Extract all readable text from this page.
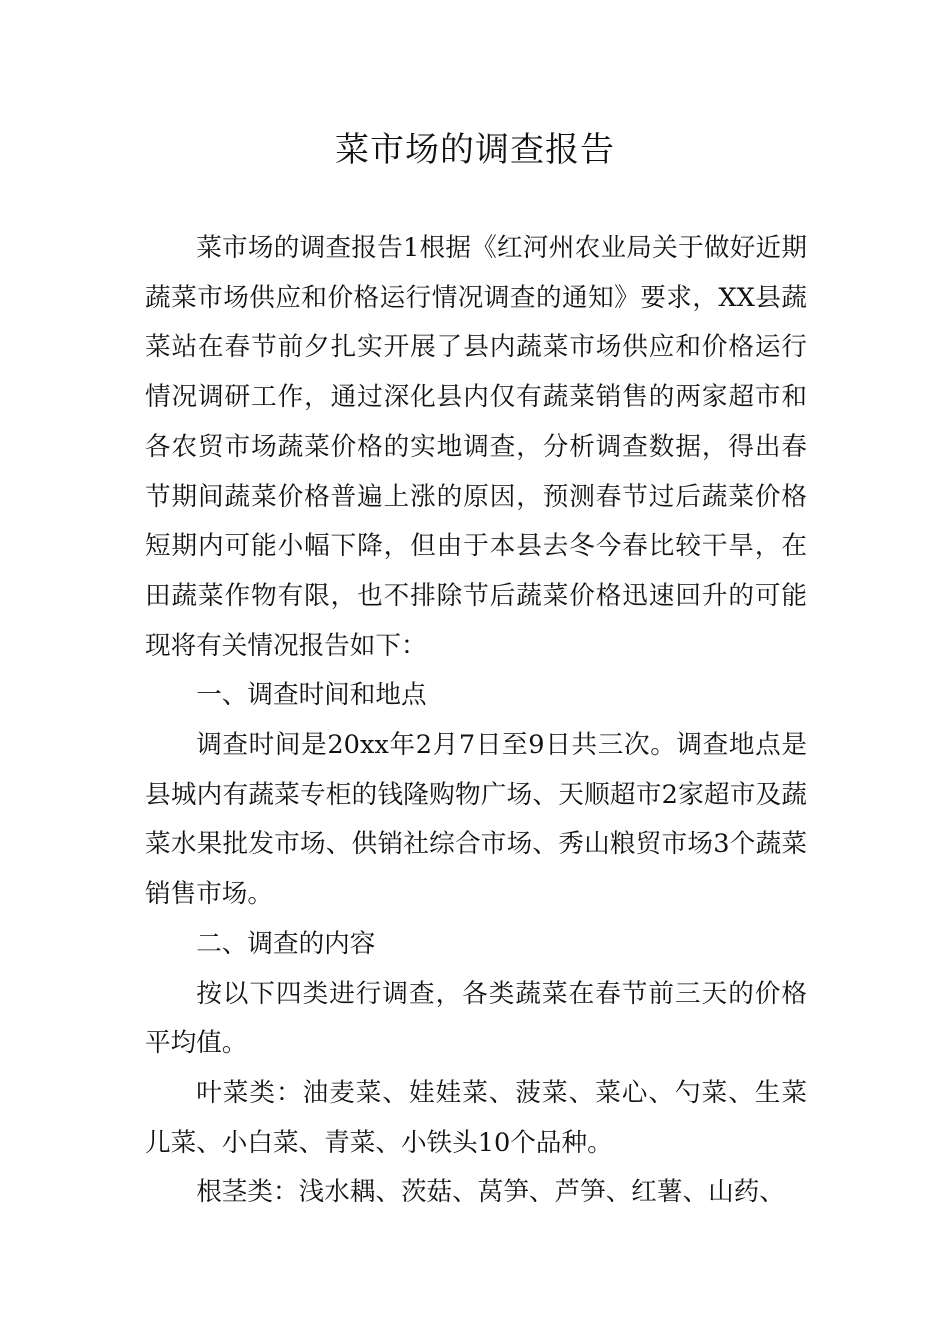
菜市场的调查报告

菜市场的调查报告1根据《红河州农业局关于做好近期蔬菜市场供应和价格运行情况调查的通知》要求，XX县蔬菜站在春节前夕扎实开展了县内蔬菜市场供应和价格运行情况调研工作，通过深化县内仅有蔬菜销售的两家超市和各农贸市场蔬菜价格的实地调查，分析调查数据，得出春节期间蔬菜价格普遍上涨的原因，预测春节过后蔬菜价格短期内可能小幅下降，但由于本县去冬今春比较干旱，在田蔬菜作物有限，也不排除节后蔬菜价格迅速回升的可能现将有关情况报告如下：

一、调查时间和地点

调查时间是20xx年2月7日至9日共三次。调查地点是县城内有蔬菜专柜的钱隆购物广场、天顺超市2家超市及蔬菜水果批发市场、供销社综合市场、秀山粮贸市场3个蔬菜销售市场。

二、调查的内容

按以下四类进行调查，各类蔬菜在春节前三天的价格平均值。

叶菜类：油麦菜、娃娃菜、菠菜、菜心、勺菜、生菜儿菜、小白菜、青菜、小铁头10个品种。

根茎类：浅水耦、茨菇、莴笋、芦笋、红薯、山药、
